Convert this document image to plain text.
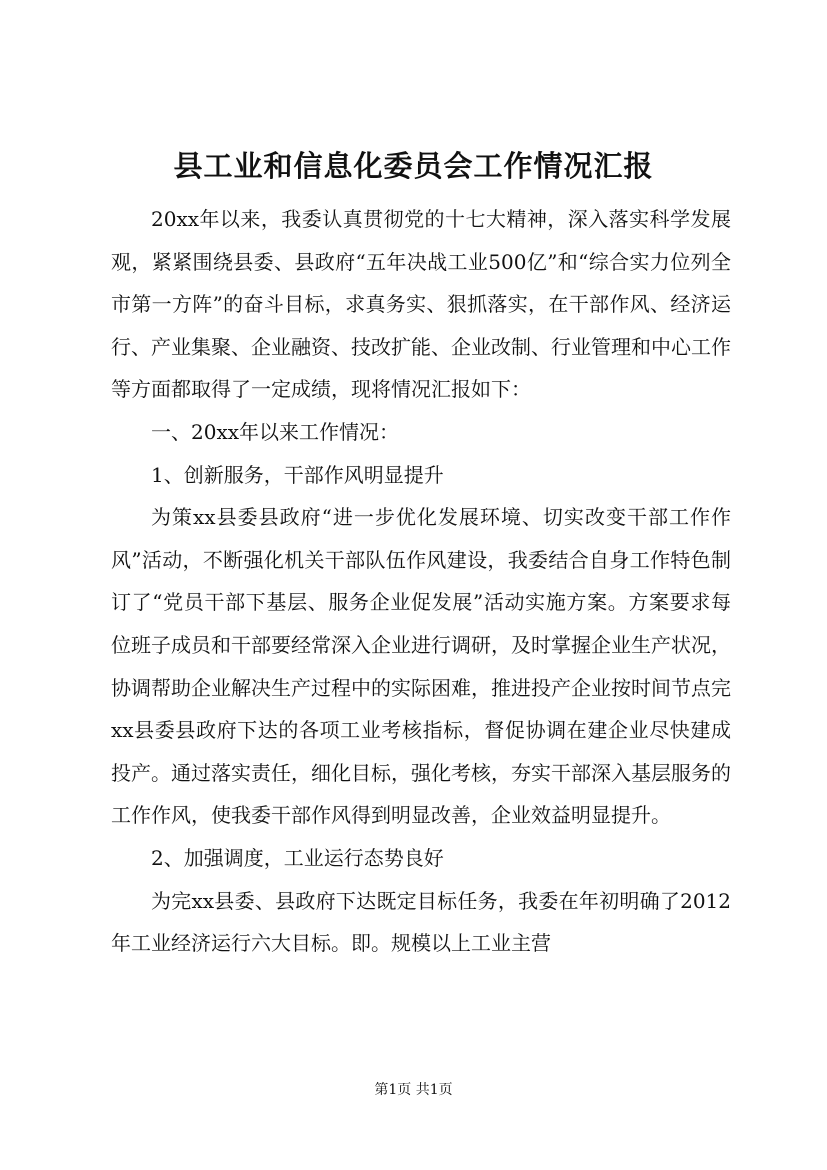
县工业和信息化委员会工作情况汇报

20xx年以来，我委认真贯彻党的十七大精神，深入落实科学发展观，紧紧围绕县委、县政府“五年决战工业500亿”和“综合实力位列全市第一方阵”的奋斗目标，求真务实、狠抓落实，在干部作风、经济运行、产业集聚、企业融资、技改扩能、企业改制、行业管理和中心工作等方面都取得了一定成绩，现将情况汇报如下：

一、20xx年以来工作情况：

1、创新服务，干部作风明显提升

为策xx县委县政府“进一步优化发展环境、切实改变干部工作作风”活动，不断强化机关干部队伍作风建设，我委结合自身工作特色制订了“党员干部下基层、服务企业促发展”活动实施方案。方案要求每位班子成员和干部要经常深入企业进行调研，及时掌握企业生产状况，协调帮助企业解决生产过程中的实际困难，推进投产企业按时间节点完xx县委县政府下达的各项工业考核指标，督促协调在建企业尽快建成投产。通过落实责任，细化目标，强化考核，夯实干部深入基层服务的工作作风，使我委干部作风得到明显改善，企业效益明显提升。

2、加强调度，工业运行态势良好

为完xx县委、县政府下达既定目标任务，我委在年初明确了2012年工业经济运行六大目标。即。规模以上工业主营

第1页 共1页
